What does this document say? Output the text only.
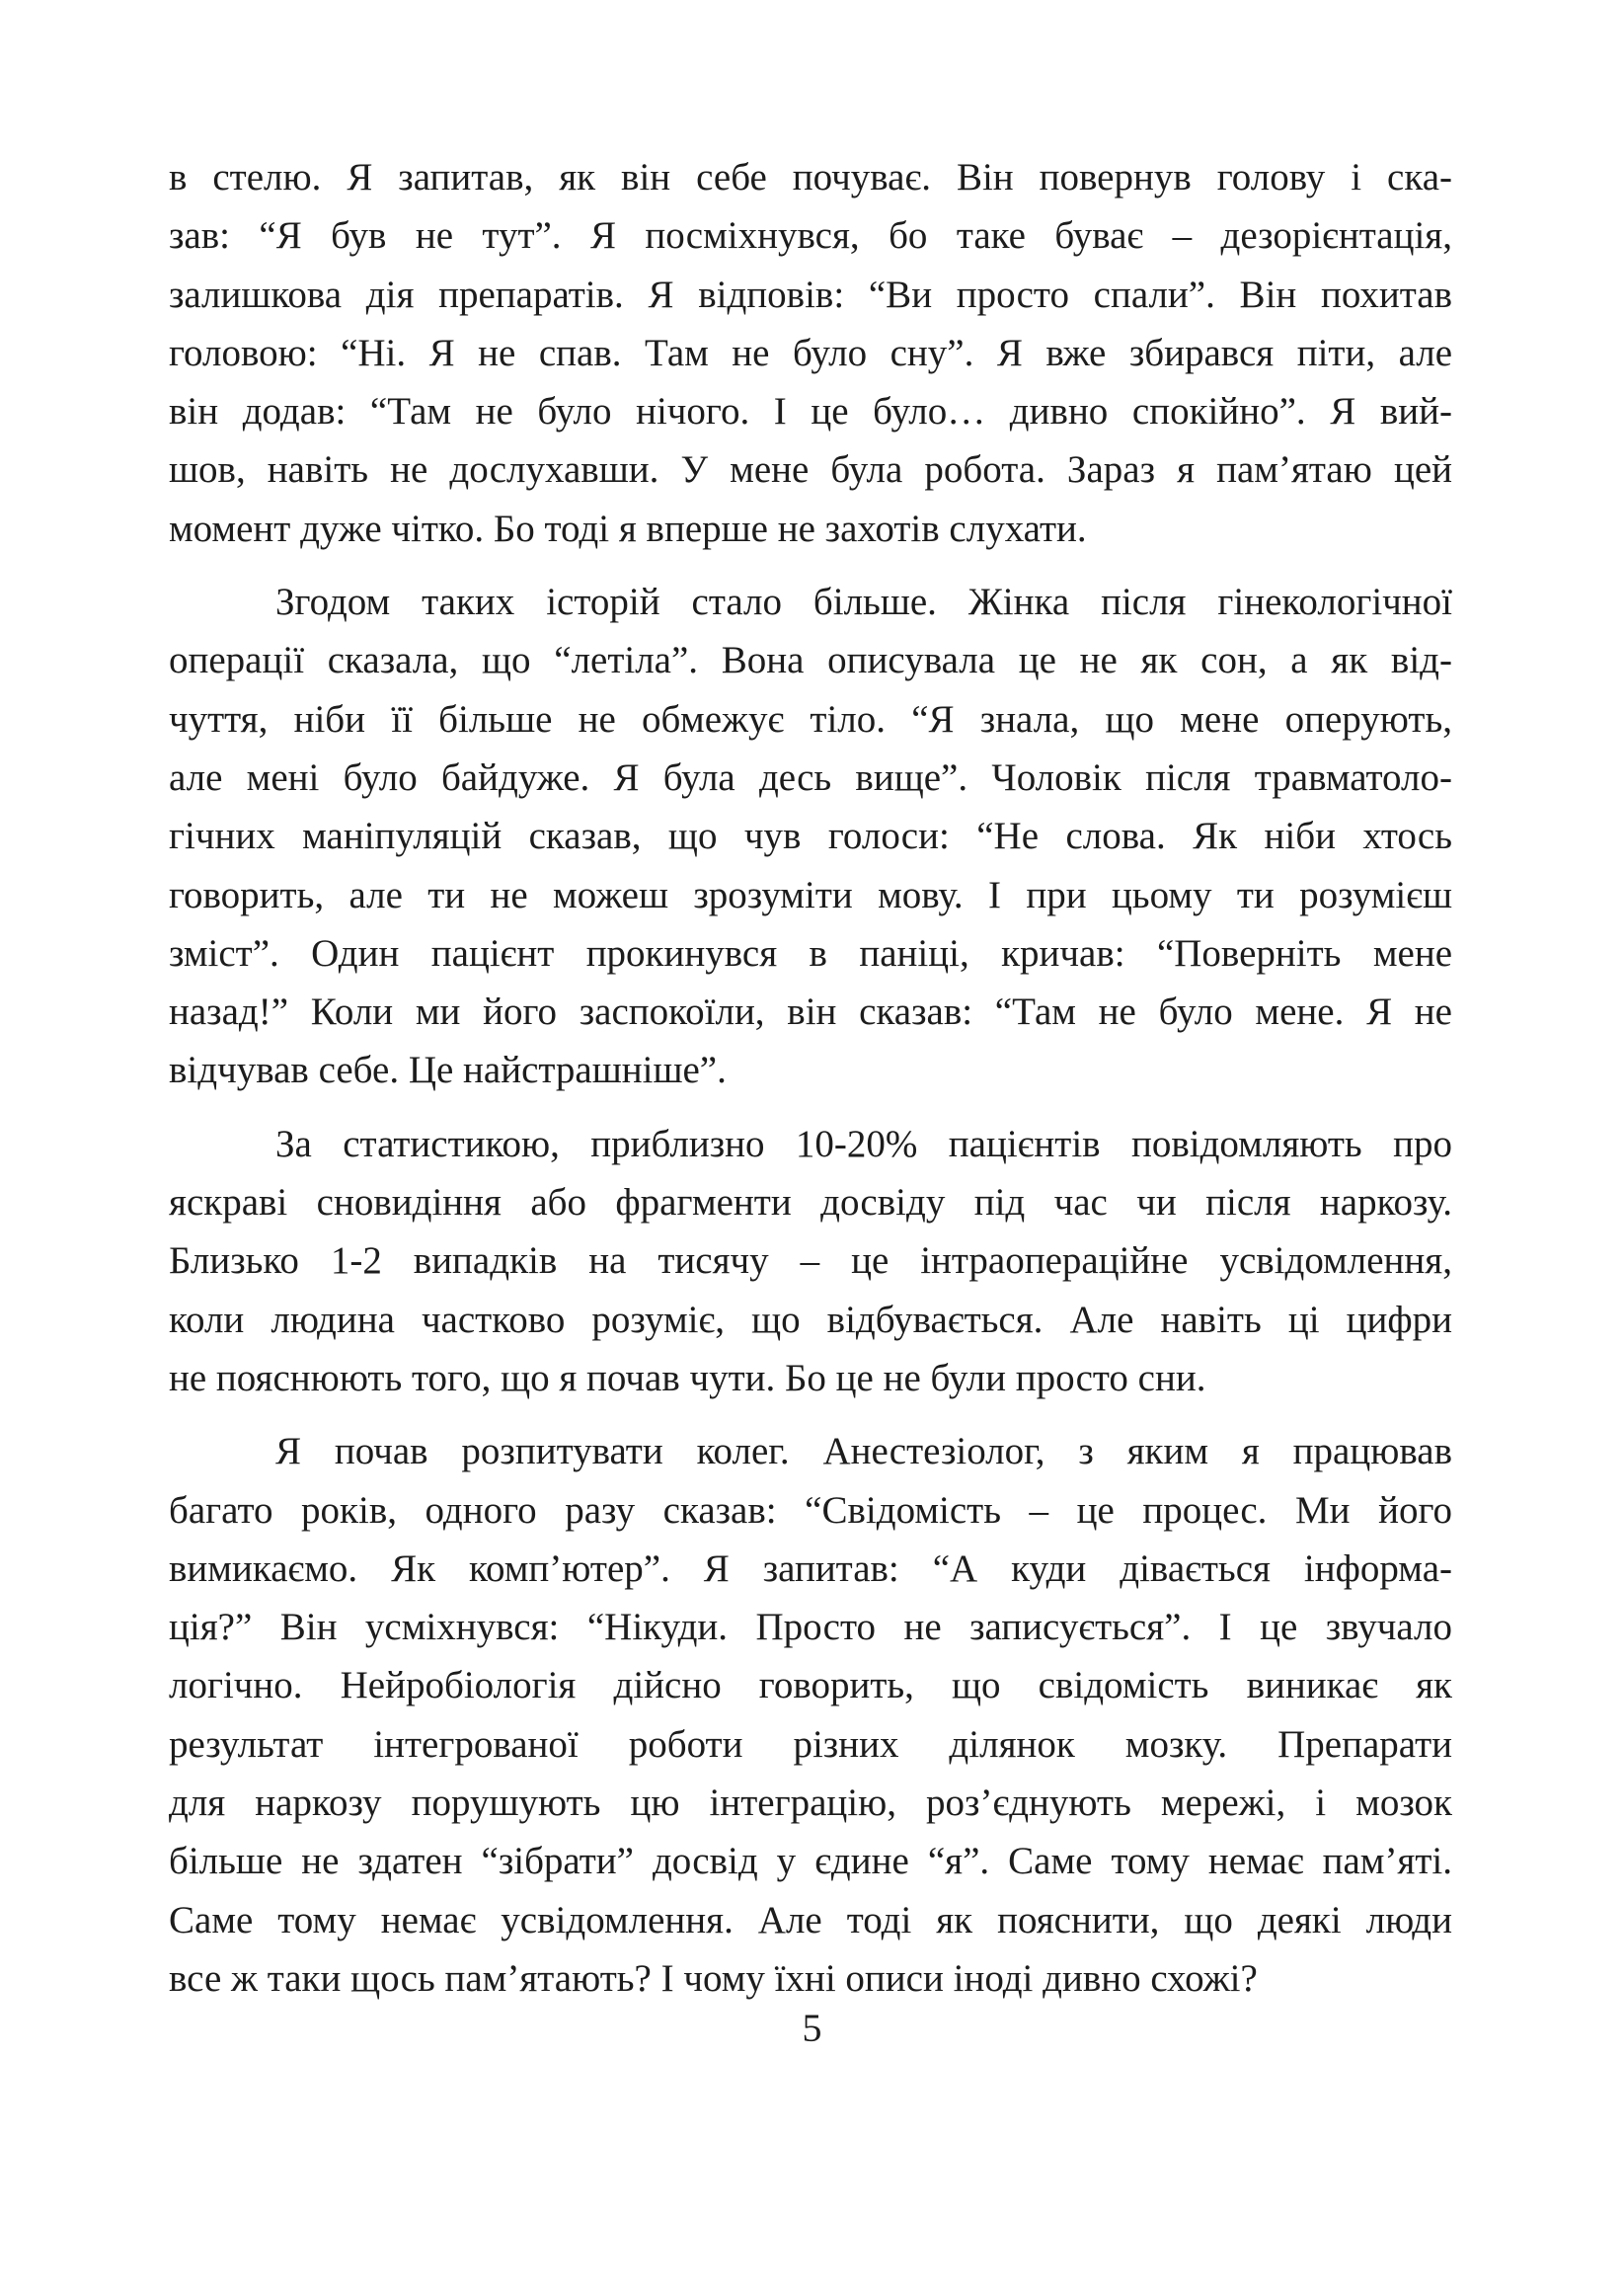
в стелю. Я запитав, як він себе почуває. Він повернув голову і ска-
зав: “Я був не тут”. Я посміхнувся, бо таке буває – дезорієнтація,
залишкова дія препаратів. Я відповів: “Ви просто спали”. Він похитав
головою: “Ні. Я не спав. Там не було сну”. Я вже збирався піти, але
він додав: “Там не було нічого. І це було… дивно спокійно”. Я вий-
шов, навіть не дослухавши. У мене була робота. Зараз я пам’ятаю цей
момент дуже чітко. Бо тоді я вперше не захотів слухати.
Згодом таких історій стало більше. Жінка після гінекологічної
операції сказала, що “летіла”. Вона описувала це не як сон, а як від-
чуття, ніби її більше не обмежує тіло. “Я знала, що мене оперують,
але мені було байдуже. Я була десь вище”. Чоловік після травматоло-
гічних маніпуляцій сказав, що чув голоси: “Не слова. Як ніби хтось
говорить, але ти не можеш зрозуміти мову. І при цьому ти розумієш
зміст”. Один пацієнт прокинувся в паніці, кричав: “Поверніть мене
назад!” Коли ми його заспокоїли, він сказав: “Там не було мене. Я не
відчував себе. Це найстрашніше”.
За статистикою, приблизно 10-20% пацієнтів повідомляють про
яскраві сновидіння або фрагменти досвіду під час чи після наркозу.
Близько 1-2 випадків на тисячу – це інтраопераційне усвідомлення,
коли людина частково розуміє, що відбувається. Але навіть ці цифри
не пояснюють того, що я почав чути. Бо це не були просто сни.
Я почав розпитувати колег. Анестезіолог, з яким я працював
багато років, одного разу сказав: “Свідомість – це процес. Ми його
вимикаємо. Як комп’ютер”. Я запитав: “А куди дівається інформа-
ція?” Він усміхнувся: “Нікуди. Просто не записується”. І це звучало
логічно. Нейробіологія дійсно говорить, що свідомість виникає як
результат інтегрованої роботи різних ділянок мозку. Препарати
для наркозу порушують цю інтеграцію, роз’єднують мережі, і мозок
більше не здатен “зібрати” досвід у єдине “я”. Саме тому немає пам’яті.
Саме тому немає усвідомлення. Але тоді як пояснити, що деякі люди
все ж таки щось пам’ятають? І чому їхні описи іноді дивно схожі?
5
